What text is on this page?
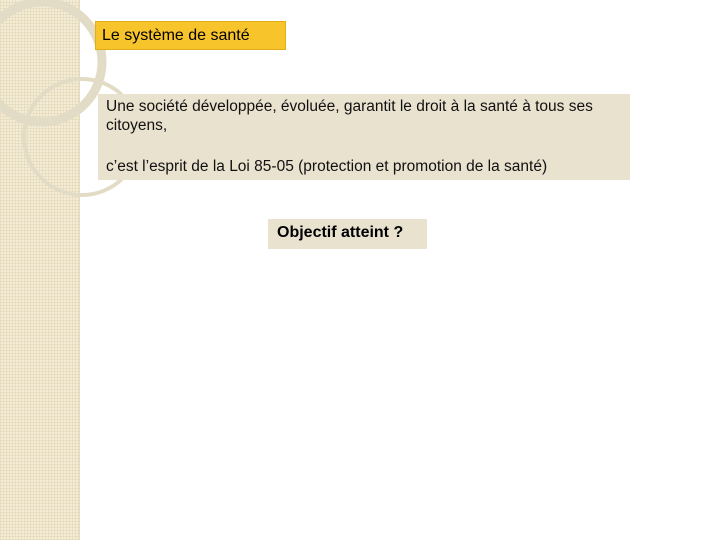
Le système de santé

Une société développée, évoluée, garantit le droit à la santé à tous ses citoyens,

c’est l’esprit de la Loi 85-05 (protection et promotion de la santé)

Objectif atteint ?
